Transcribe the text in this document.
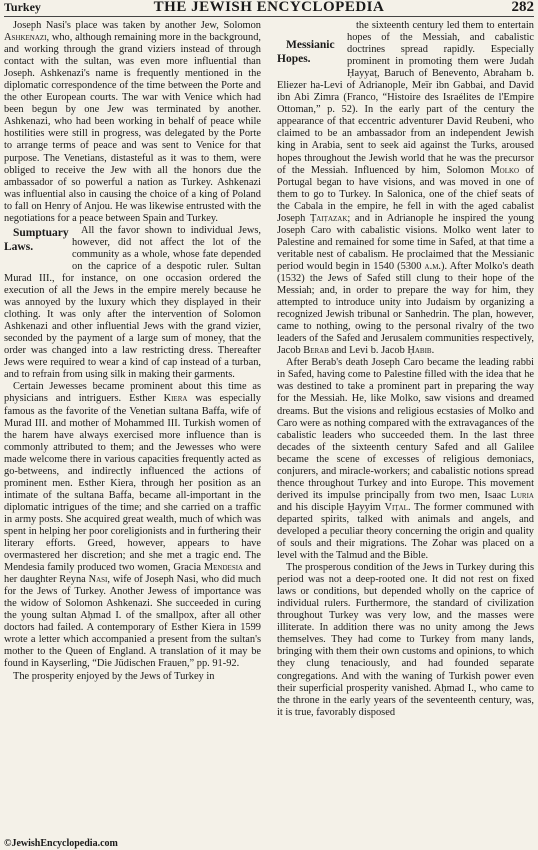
Turkey	THE JEWISH ENCYCLOPEDIA	282

Joseph Nasi's place was taken by another Jew, Solomon Ashkenazi, who, although remaining more in the background, and working through the grand viziers instead of through contact with the sultan, was even more influential than Joseph. Ashkenazi's name is frequently mentioned in the diplomatic correspondence of the time between the Porte and the other European courts. The war with Venice which had been begun by one Jew was terminated by another. Ashkenazi, who had been working in behalf of peace while hostilities were still in progress, was delegated by the Porte to arrange terms of peace and was sent to Venice for that purpose. The Venetians, distasteful as it was to them, were obliged to receive the Jew with all the honors due the ambassador of so powerful a nation as Turkey. Ashkenazi was influential also in causing the choice of a king of Poland to fall on Henry of Anjou. He was likewise entrusted with the negotiations for a peace between Spain and Turkey.

Sumptuary Laws.
All the favor shown to individual Jews, however, did not affect the lot of the community as a whole, whose fate depended on the caprice of a despotic ruler. Sultan Murad III., for instance, on one occasion ordered the execution of all the Jews in the empire merely because he was annoyed by the luxury which they displayed in their clothing. It was only after the intervention of Solomon Ashkenazi and other influential Jews with the grand vizier, seconded by the payment of a large sum of money, that the order was changed into a law restricting dress. Thereafter Jews were required to wear a kind of cap instead of a turban, and to refrain from using silk in making their garments.

Certain Jewesses became prominent about this time as physicians and intriguers. Esther Kiera was especially famous as the favorite of the Venetian sultana Baffa, wife of Murad III. and mother of Mohammed III. Turkish women of the harem have always exercised more influence than is commonly attributed to them; and the Jewesses who were made welcome there in various capacities frequently acted as go-betweens, and indirectly influenced the actions of prominent men. Esther Kiera, through her position as an intimate of the sultana Baffa, became all-important in the diplomatic intrigues of the time; and she carried on a traffic in army posts. She acquired great wealth, much of which was spent in helping her poor coreligionists and in furthering their literary efforts. Greed, however, appears to have overmastered her discretion; and she met a tragic end. The Mendesia family produced two women, Gracia Mendesia and her daughter Reyna Nasi, wife of Joseph Nasi, who did much for the Jews of Turkey. Another Jewess of importance was the widow of Solomon Ashkenazi. She succeeded in curing the young sultan Aḥmad I. of the smallpox, after all other doctors had failed. A contemporary of Esther Kiera in 1599 wrote a letter which accompanied a present from the sultan's mother to the Queen of England. A translation of it may be found in Kayserling, “Die Jüdischen Frauen,” pp. 91-92.

The prosperity enjoyed by the Jews of Turkey in

Messianic Hopes.
the sixteenth century led them to entertain hopes of the Messiah, and cabalistic doctrines spread rapidly. Especially prominent in promoting them were Judah Ḥayyaṭ, Baruch of Benevento, Abraham b. Eliezer ha-Levi of Adrianople, Meïr ibn Gabbai, and David ibn Abi Zimra (Franco, “Histoire des Israélites de l'Empire Ottoman,” p. 52). In the early part of the century the appearance of that eccentric adventurer David Reubeni, who claimed to be an ambassador from an independent Jewish king in Arabia, sent to seek aid against the Turks, aroused hopes throughout the Jewish world that he was the precursor of the Messiah. Influenced by him, Solomon Molko of Portugal began to have visions, and was moved in one of them to go to Turkey. In Salonica, one of the chief seats of the Cabala in the empire, he fell in with the aged cabalist Joseph Ṭaiṭazak; and in Adrianople he inspired the young Joseph Caro with cabalistic visions. Molko went later to Palestine and remained for some time in Safed, at that time a veritable nest of cabalism. He proclaimed that the Messianic period would begin in 1540 (5300 a.m.). After Molko's death (1532) the Jews of Safed still clung to their hope of the Messiah; and, in order to prepare the way for him, they attempted to introduce unity into Judaism by organizing a recognized Jewish tribunal or Sanhedrin. The plan, however, came to nothing, owing to the personal rivalry of the two leaders of the Safed and Jerusalem communities respectively, Jacob Berab and Levi b. Jacob Ḥabib.

After Berab's death Joseph Caro became the leading rabbi in Safed, having come to Palestine filled with the idea that he was destined to take a prominent part in preparing the way for the Messiah. He, like Molko, saw visions and dreamed dreams. But the visions and religious ecstasies of Molko and Caro were as nothing compared with the extravagances of the cabalistic leaders who succeeded them. In the last three decades of the sixteenth century Safed and all Galilee became the scene of excesses of religious demoniacs, conjurers, and miracle-workers; and cabalistic notions spread thence throughout Turkey and into Europe. This movement derived its impulse principally from two men, Isaac Luria and his disciple Ḥayyim Viṭal. The former communed with departed spirits, talked with animals and angels, and developed a peculiar theory concerning the origin and quality of souls and their migrations. The Zohar was placed on a level with the Talmud and the Bible.

The prosperous condition of the Jews in Turkey during this period was not a deep-rooted one. It did not rest on fixed laws or conditions, but depended wholly on the caprice of individual rulers. Furthermore, the standard of civilization throughout Turkey was very low, and the masses were illiterate. In addition there was no unity among the Jews themselves. They had come to Turkey from many lands, bringing with them their own customs and opinions, to which they clung tenaciously, and had founded separate congregations. And with the waning of Turkish power even their superficial prosperity vanished. Aḥmad I., who came to the throne in the early years of the seventeenth century, was, it is true, favorably disposed

©JewishEncyclopedia.com
